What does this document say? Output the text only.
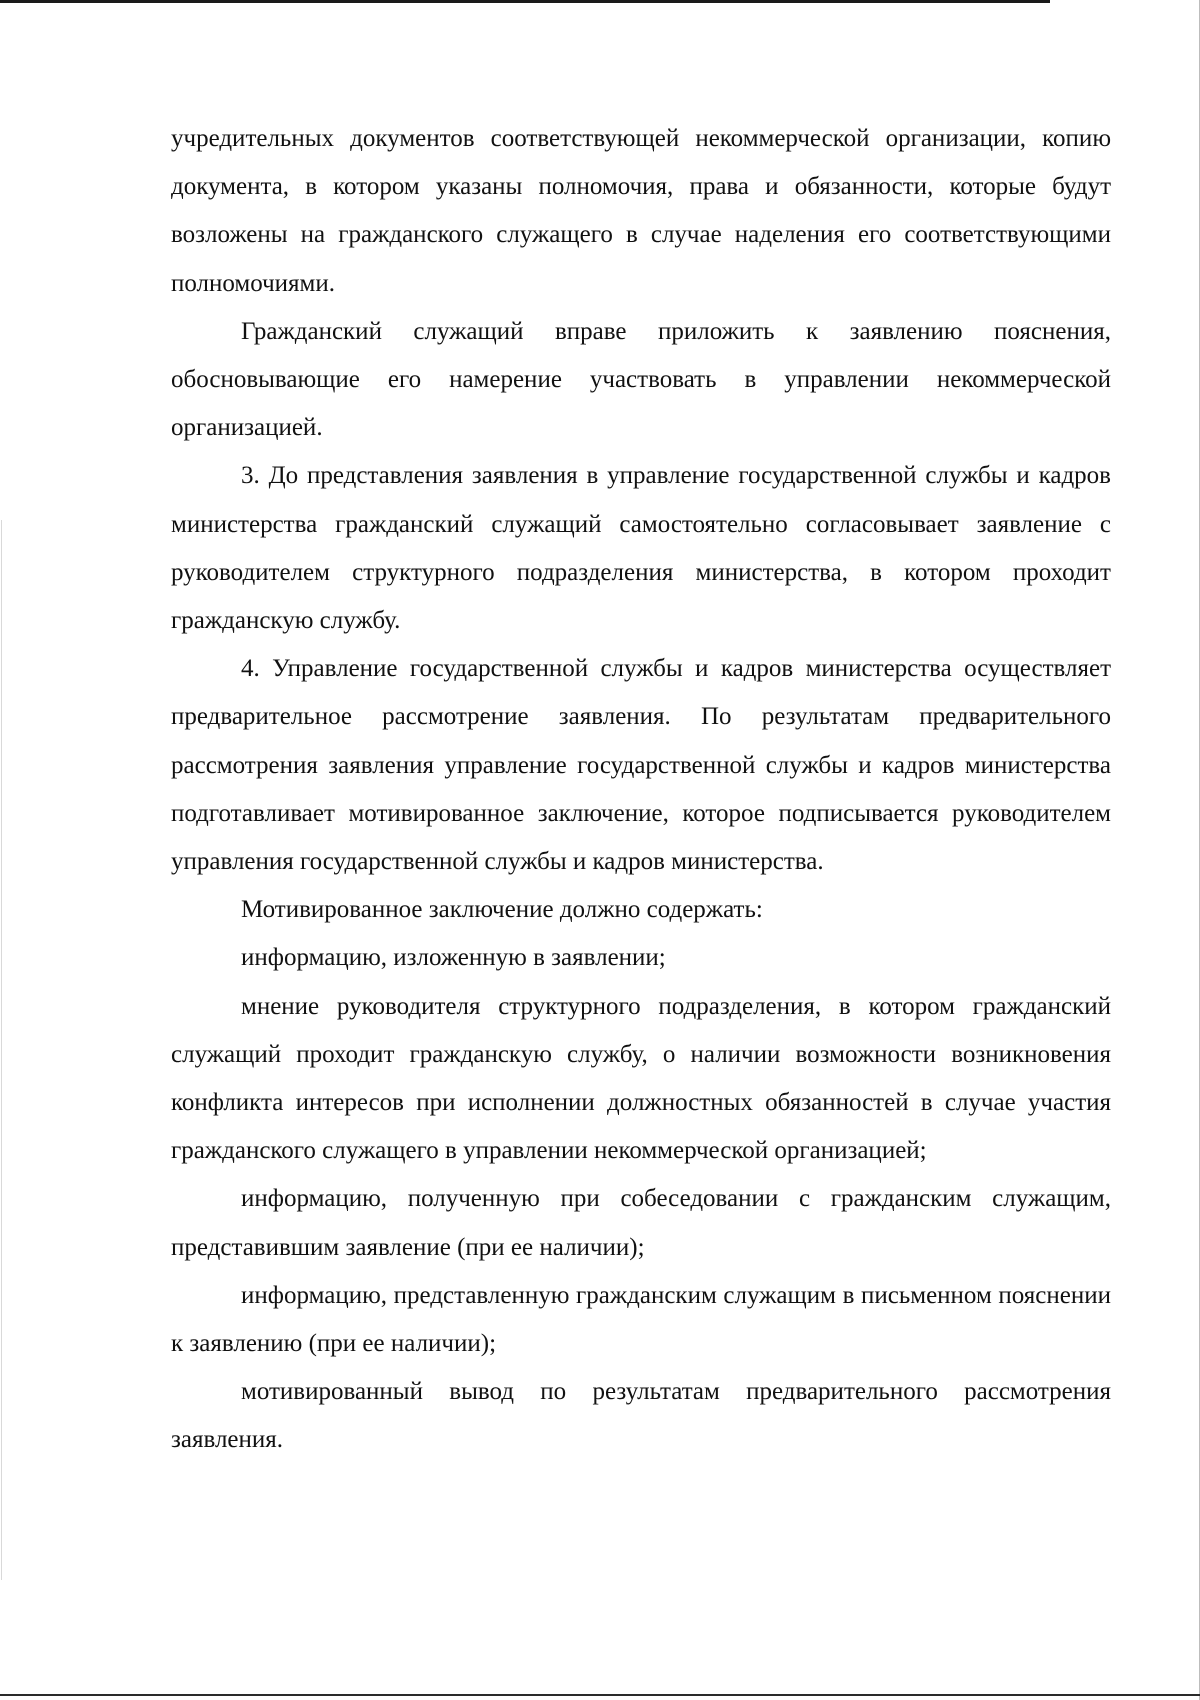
учредительных документов соответствующей некоммерческой организации, копию документа, в котором указаны полномочия, права и обязанности, которые будут возложены на гражданского служащего в случае наделения его соответствующими полномочиями.

Гражданский служащий вправе приложить к заявлению пояснения, обосновывающие его намерение участвовать в управлении некоммерческой организацией.

3. До представления заявления в управление государственной службы и кадров министерства гражданский служащий самостоятельно согласовывает заявление с руководителем структурного подразделения министерства, в котором проходит гражданскую службу.

4. Управление государственной службы и кадров министерства осуществляет предварительное рассмотрение заявления. По результатам предварительного рассмотрения заявления управление государственной службы и кадров министерства подготавливает мотивированное заключение, которое подписывается руководителем управления государственной службы и кадров министерства.

Мотивированное заключение должно содержать:

информацию, изложенную в заявлении;

мнение руководителя структурного подразделения, в котором гражданский служащий проходит гражданскую службу, о наличии возможности возникновения конфликта интересов при исполнении должностных обязанностей в случае участия гражданского служащего в управлении некоммерческой организацией;

информацию, полученную при собеседовании с гражданским служащим, представившим заявление (при ее наличии);

информацию, представленную гражданским служащим в письменном пояснении к заявлению (при ее наличии);

мотивированный вывод по результатам предварительного рассмотрения заявления.
